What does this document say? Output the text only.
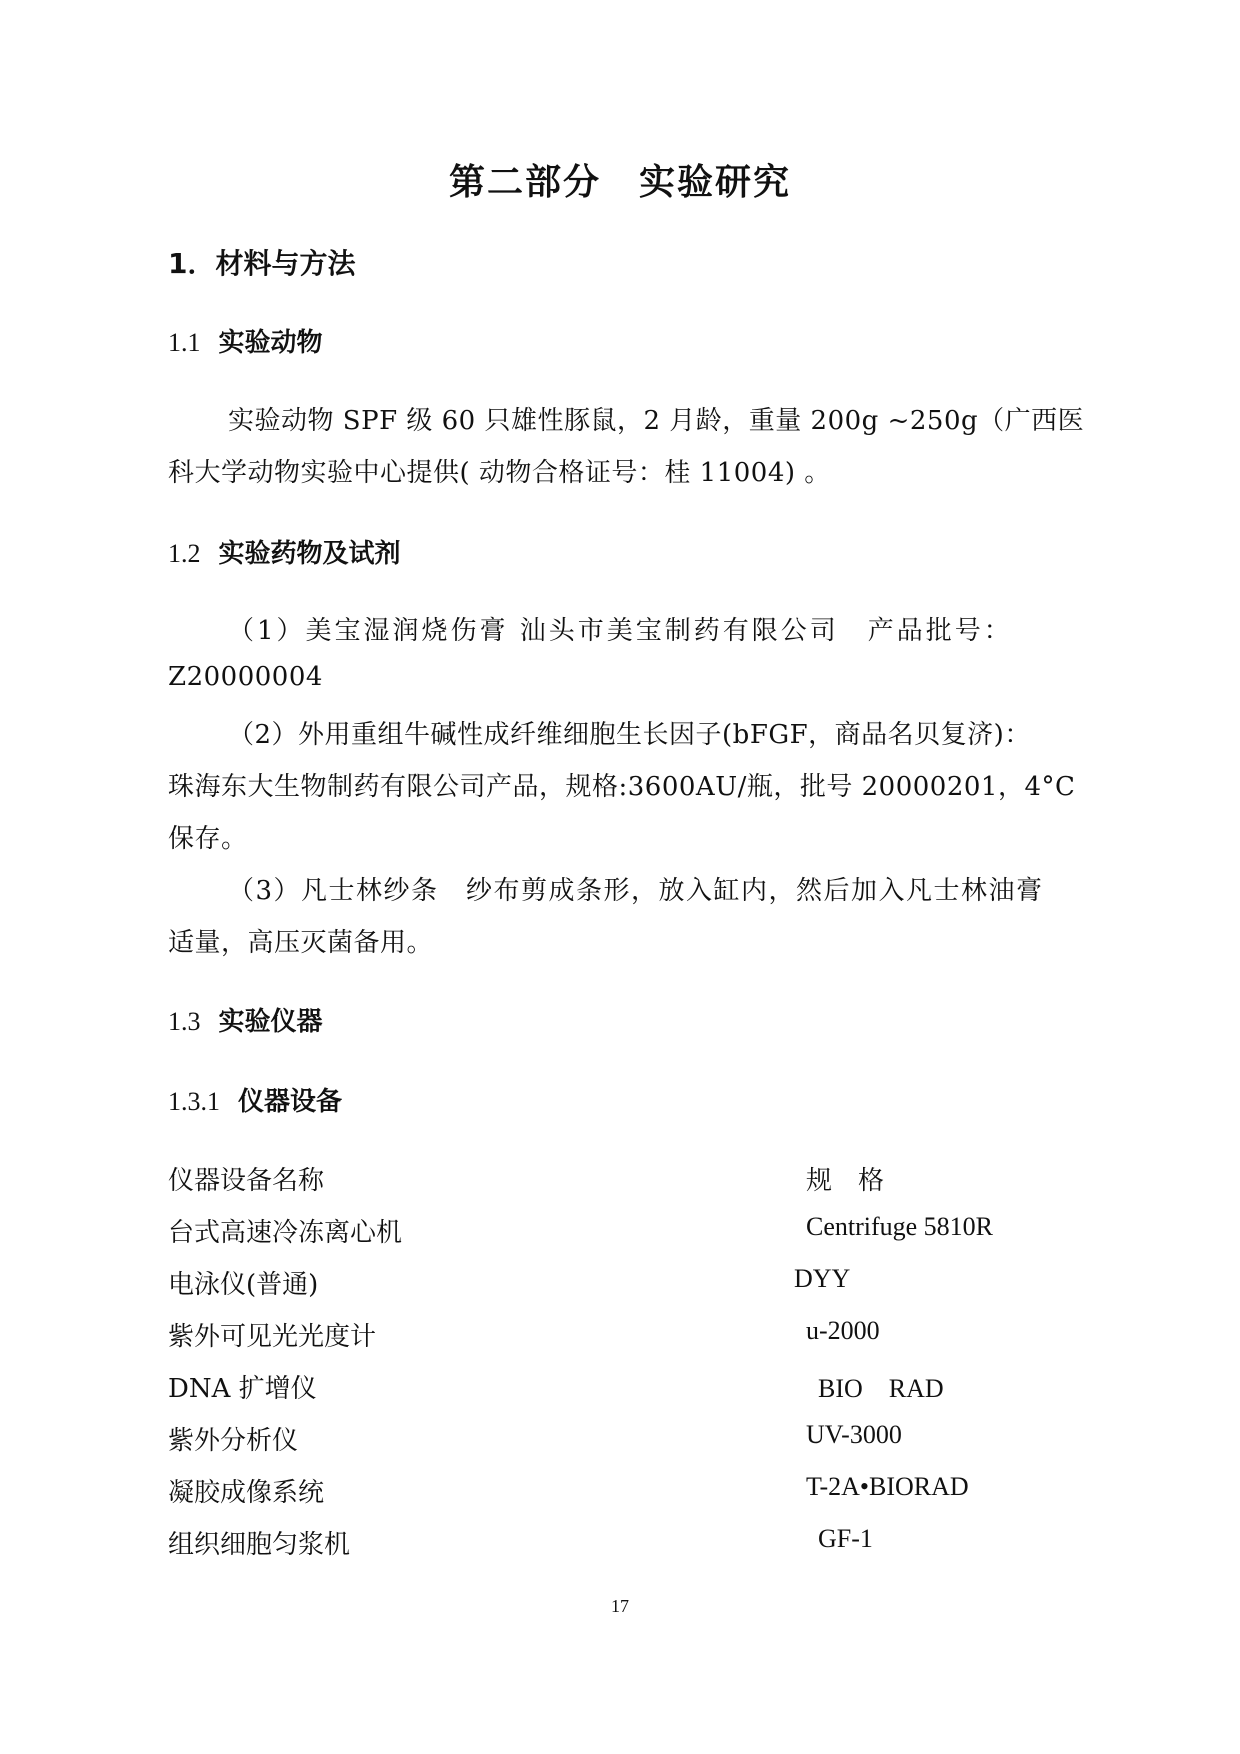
第二部分　实验研究
1．材料与方法
1.1 实验动物
实验动物 SPF 级 60 只雄性豚鼠，2 月龄，重量 200g ~250g（广西医
科大学动物实验中心提供( 动物合格证号：桂 11004) 。
1.2 实验药物及试剂
（1）美宝湿润烧伤膏 汕头市美宝制药有限公司　产品批号：
Z20000004
（2）外用重组牛碱性成纤维细胞生长因子(bFGF，商品名贝复济)：
珠海东大生物制药有限公司产品，规格:3600AU/瓶，批号 20000201，4°C
保存。
（3）凡士林纱条　纱布剪成条形，放入缸内，然后加入凡士林油膏
适量，高压灭菌备用。
1.3 实验仪器
1.3.1 仪器设备
仪器设备名称	规　格
台式高速冷冻离心机	Centrifuge 5810R
电泳仪(普通)	DYY
紫外可见光光度计	u-2000
DNA 扩增仪	BIO　RAD
紫外分析仪	UV-3000
凝胶成像系统	T-2A•BIORAD
组织细胞匀浆机	GF-1
17
